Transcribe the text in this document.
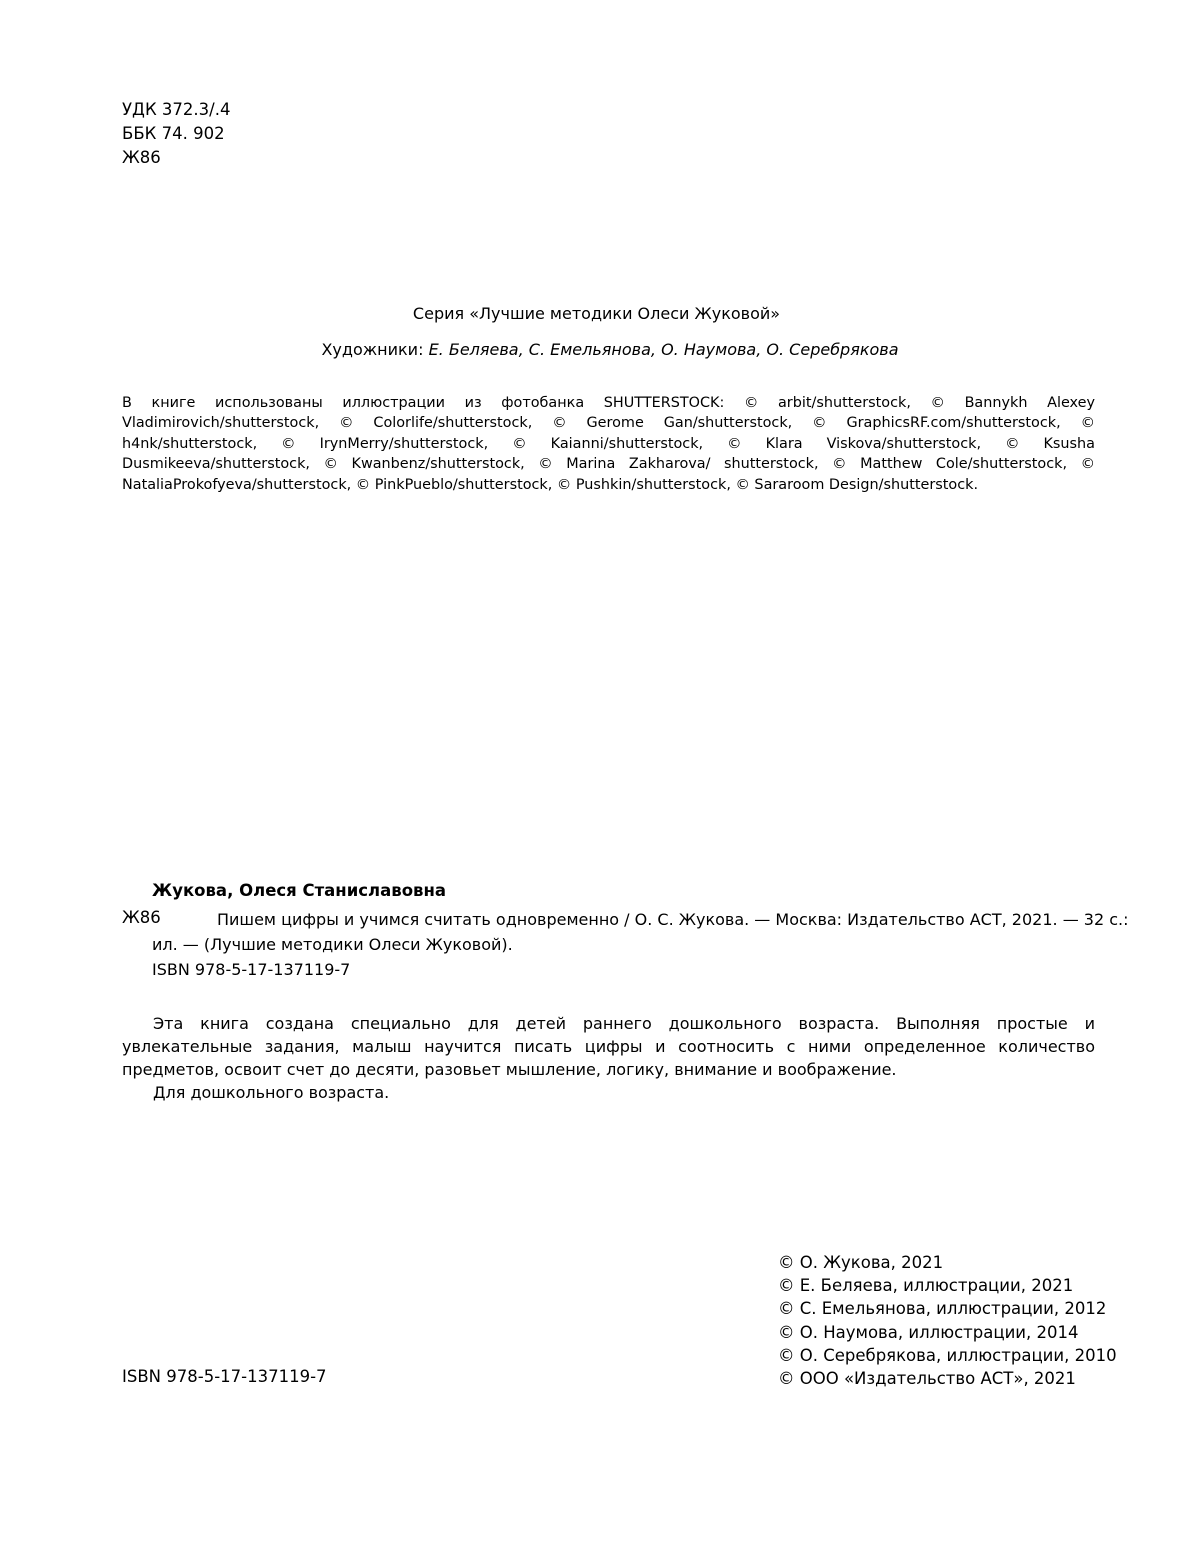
УДК 372.3/.4
ББК 74. 902
Ж86
Серия «Лучшие методики Олеси Жуковой»
Художники: Е. Беляева, С. Емельянова, О. Наумова, О. Серебрякова
В книге использованы иллюстрации из фотобанка SHUTTERSTOCK: © arbit/shutterstock, © Bannykh Alexey Vladimirovich/shutterstock, © Colorlife/shutterstock, © Gerome Gan/shutterstock, © GraphicsRF.com/shutterstock, © h4nk/shutterstock, © IrynMerry/shutterstock, © Kaianni/shutterstock, © Klara Viskova/shutterstock, © Ksusha Dusmikeeva/shutterstock, © Kwanbenz/shutterstock, © Marina Zakharova/ shutterstock, © Matthew Cole/shutterstock, © NataliaProkofyeva/shutterstock, © PinkPueblo/shutterstock, © Pushkin/shutterstock, © Sararoom Design/shutterstock.
Жукова, Олеся Станиславовна
Ж86	Пишем цифры и учимся считать одновременно / О. С. Жукова. — Москва: Издательство АСТ, 2021. — 32 с.:
ил. — (Лучшие методики Олеси Жуковой).
ISBN 978-5-17-137119-7

Эта книга создана специально для детей раннего дошкольного возраста. Выполняя простые и увлекательные задания, малыш научится писать цифры и соотносить с ними определенное количество предметов, освоит счет до десяти, разовьет мышление, логику, внимание и воображение.

Для дошкольного возраста.

© О. Жукова, 2021
© Е. Беляева, иллюстрации, 2021
© С. Емельянова, иллюстрации, 2012
© О. Наумова, иллюстрации, 2014
© О. Серебрякова, иллюстрации, 2010
© ООО «Издательство АСТ», 2021
ISBN 978-5-17-137119-7
